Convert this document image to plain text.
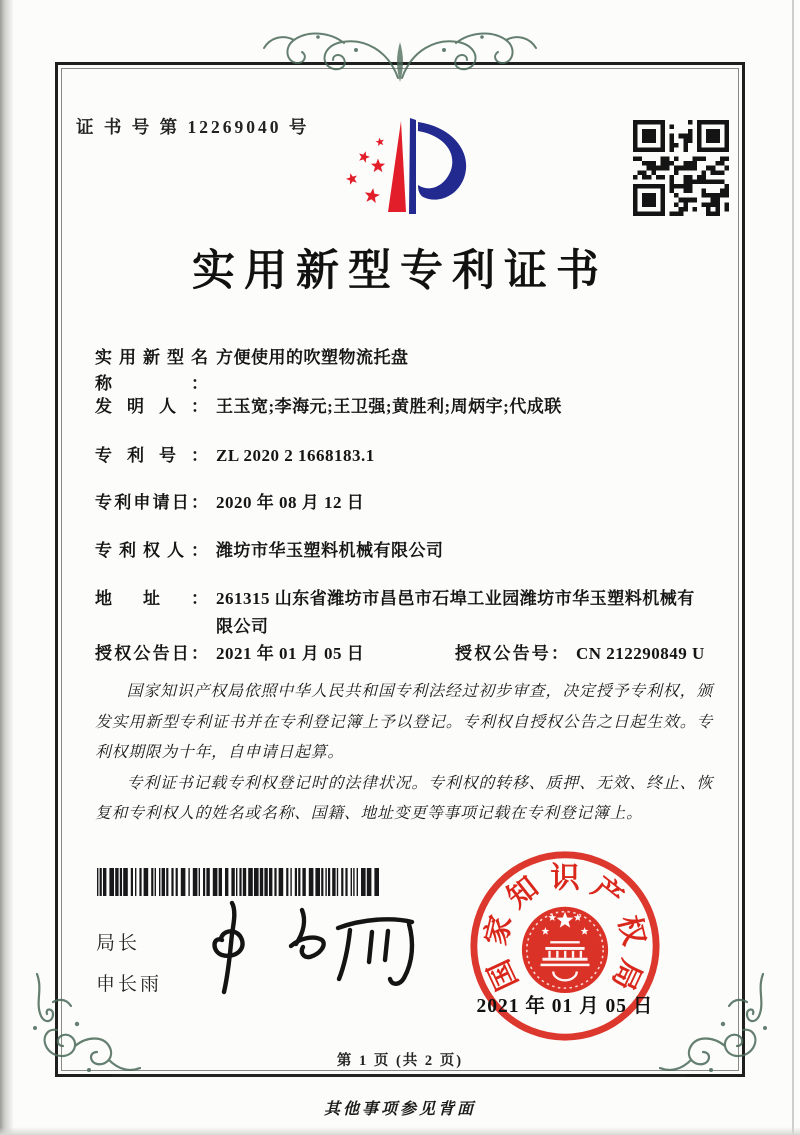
证 书 号 第 12269040 号
实用新型专利证书
实用新型名称：
方便使用的吹塑物流托盘
发明人： 王玉宽;李海元;王卫强;黄胜利;周炳宇;代成联
专利号： ZL 2020 2 1668183.1
专利申请日： 2020 年 08 月 12 日
专利权人： 潍坊市华玉塑料机械有限公司
地址： 261315 山东省潍坊市昌邑市石埠工业园潍坊市华玉塑料机械有限公司
授权公告日： 2021 年 01 月 05 日	授权公告号： CN 212290849 U

国家知识产权局依照中华人民共和国专利法经过初步审查，决定授予专利权，颁发实用新型专利证书并在专利登记簿上予以登记。专利权自授权公告之日起生效。专利权期限为十年，自申请日起算。

专利证书记载专利权登记时的法律状况。专利权的转移、质押、无效、终止、恢复和专利权人的姓名或名称、国籍、地址变更等事项记载在专利登记簿上。

局长
申长雨	国
家
知 识 产
权
局
2021 年 01 月 05 日
第 1 页 (共 2 页)
其他事项参见背面
